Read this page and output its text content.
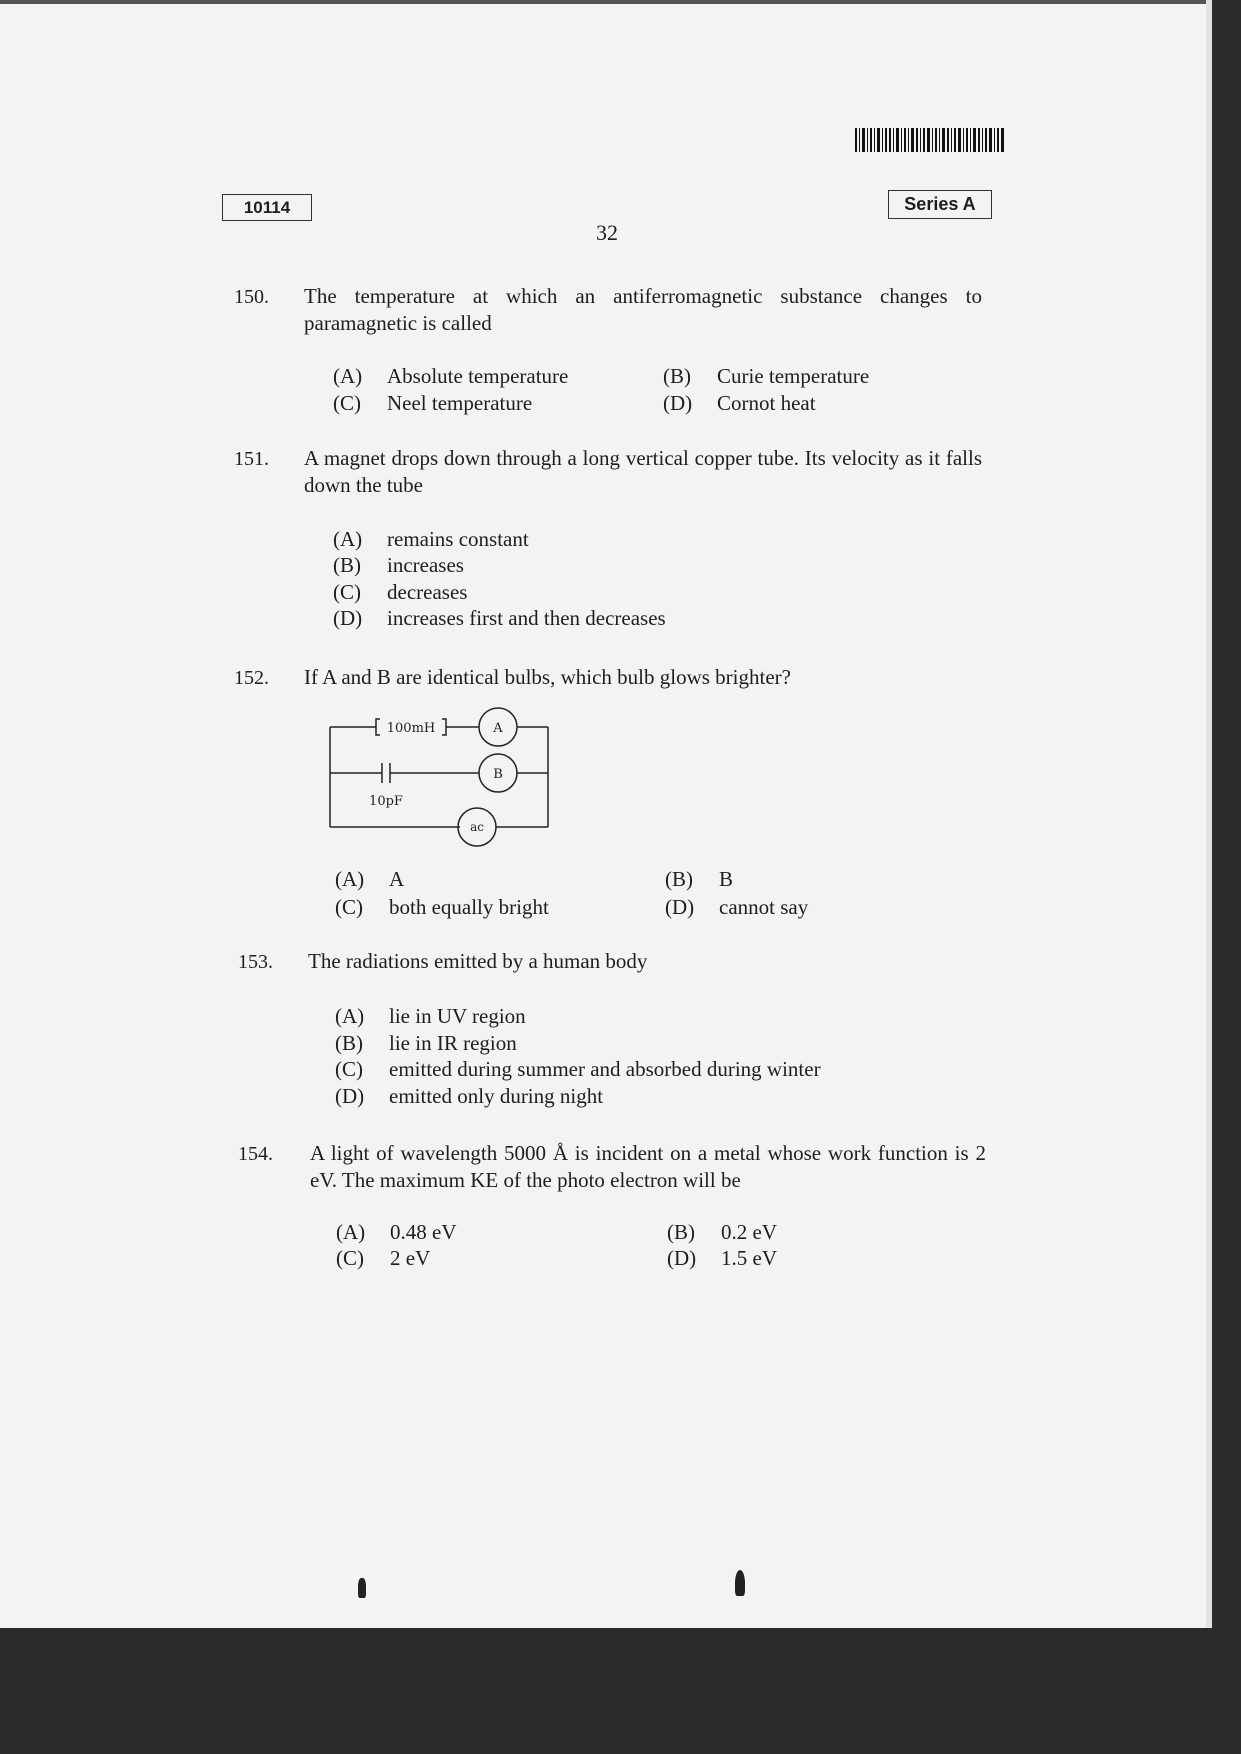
10114	Series A
32
150. The temperature at which an antiferromagnetic substance changes to paramagnetic is called
(A) Absolute temperature	(B) Curie temperature
(C) Neel temperature	(D) Cornot heat
151. A magnet drops down through a long vertical copper tube. Its velocity as it falls down the tube
(A) remains constant
(B) increases
(C) decreases
(D) increases first and then decreases
152. If A and B are identical bulbs, which bulb glows brighter?
100mH	A
B
10pF
ac
(A) A	(B) B
(C) both equally bright	(D) cannot say
153. The radiations emitted by a human body
(A) lie in UV region
(B) lie in IR region
(C) emitted during summer and absorbed during winter
(D) emitted only during night
154. A light of wavelength 5000 Å is incident on a metal whose work function is 2 eV. The maximum KE of the photo electron will be
(A) 0.48 eV	(B) 0.2 eV
(C) 2 eV	(D) 1.5 eV
